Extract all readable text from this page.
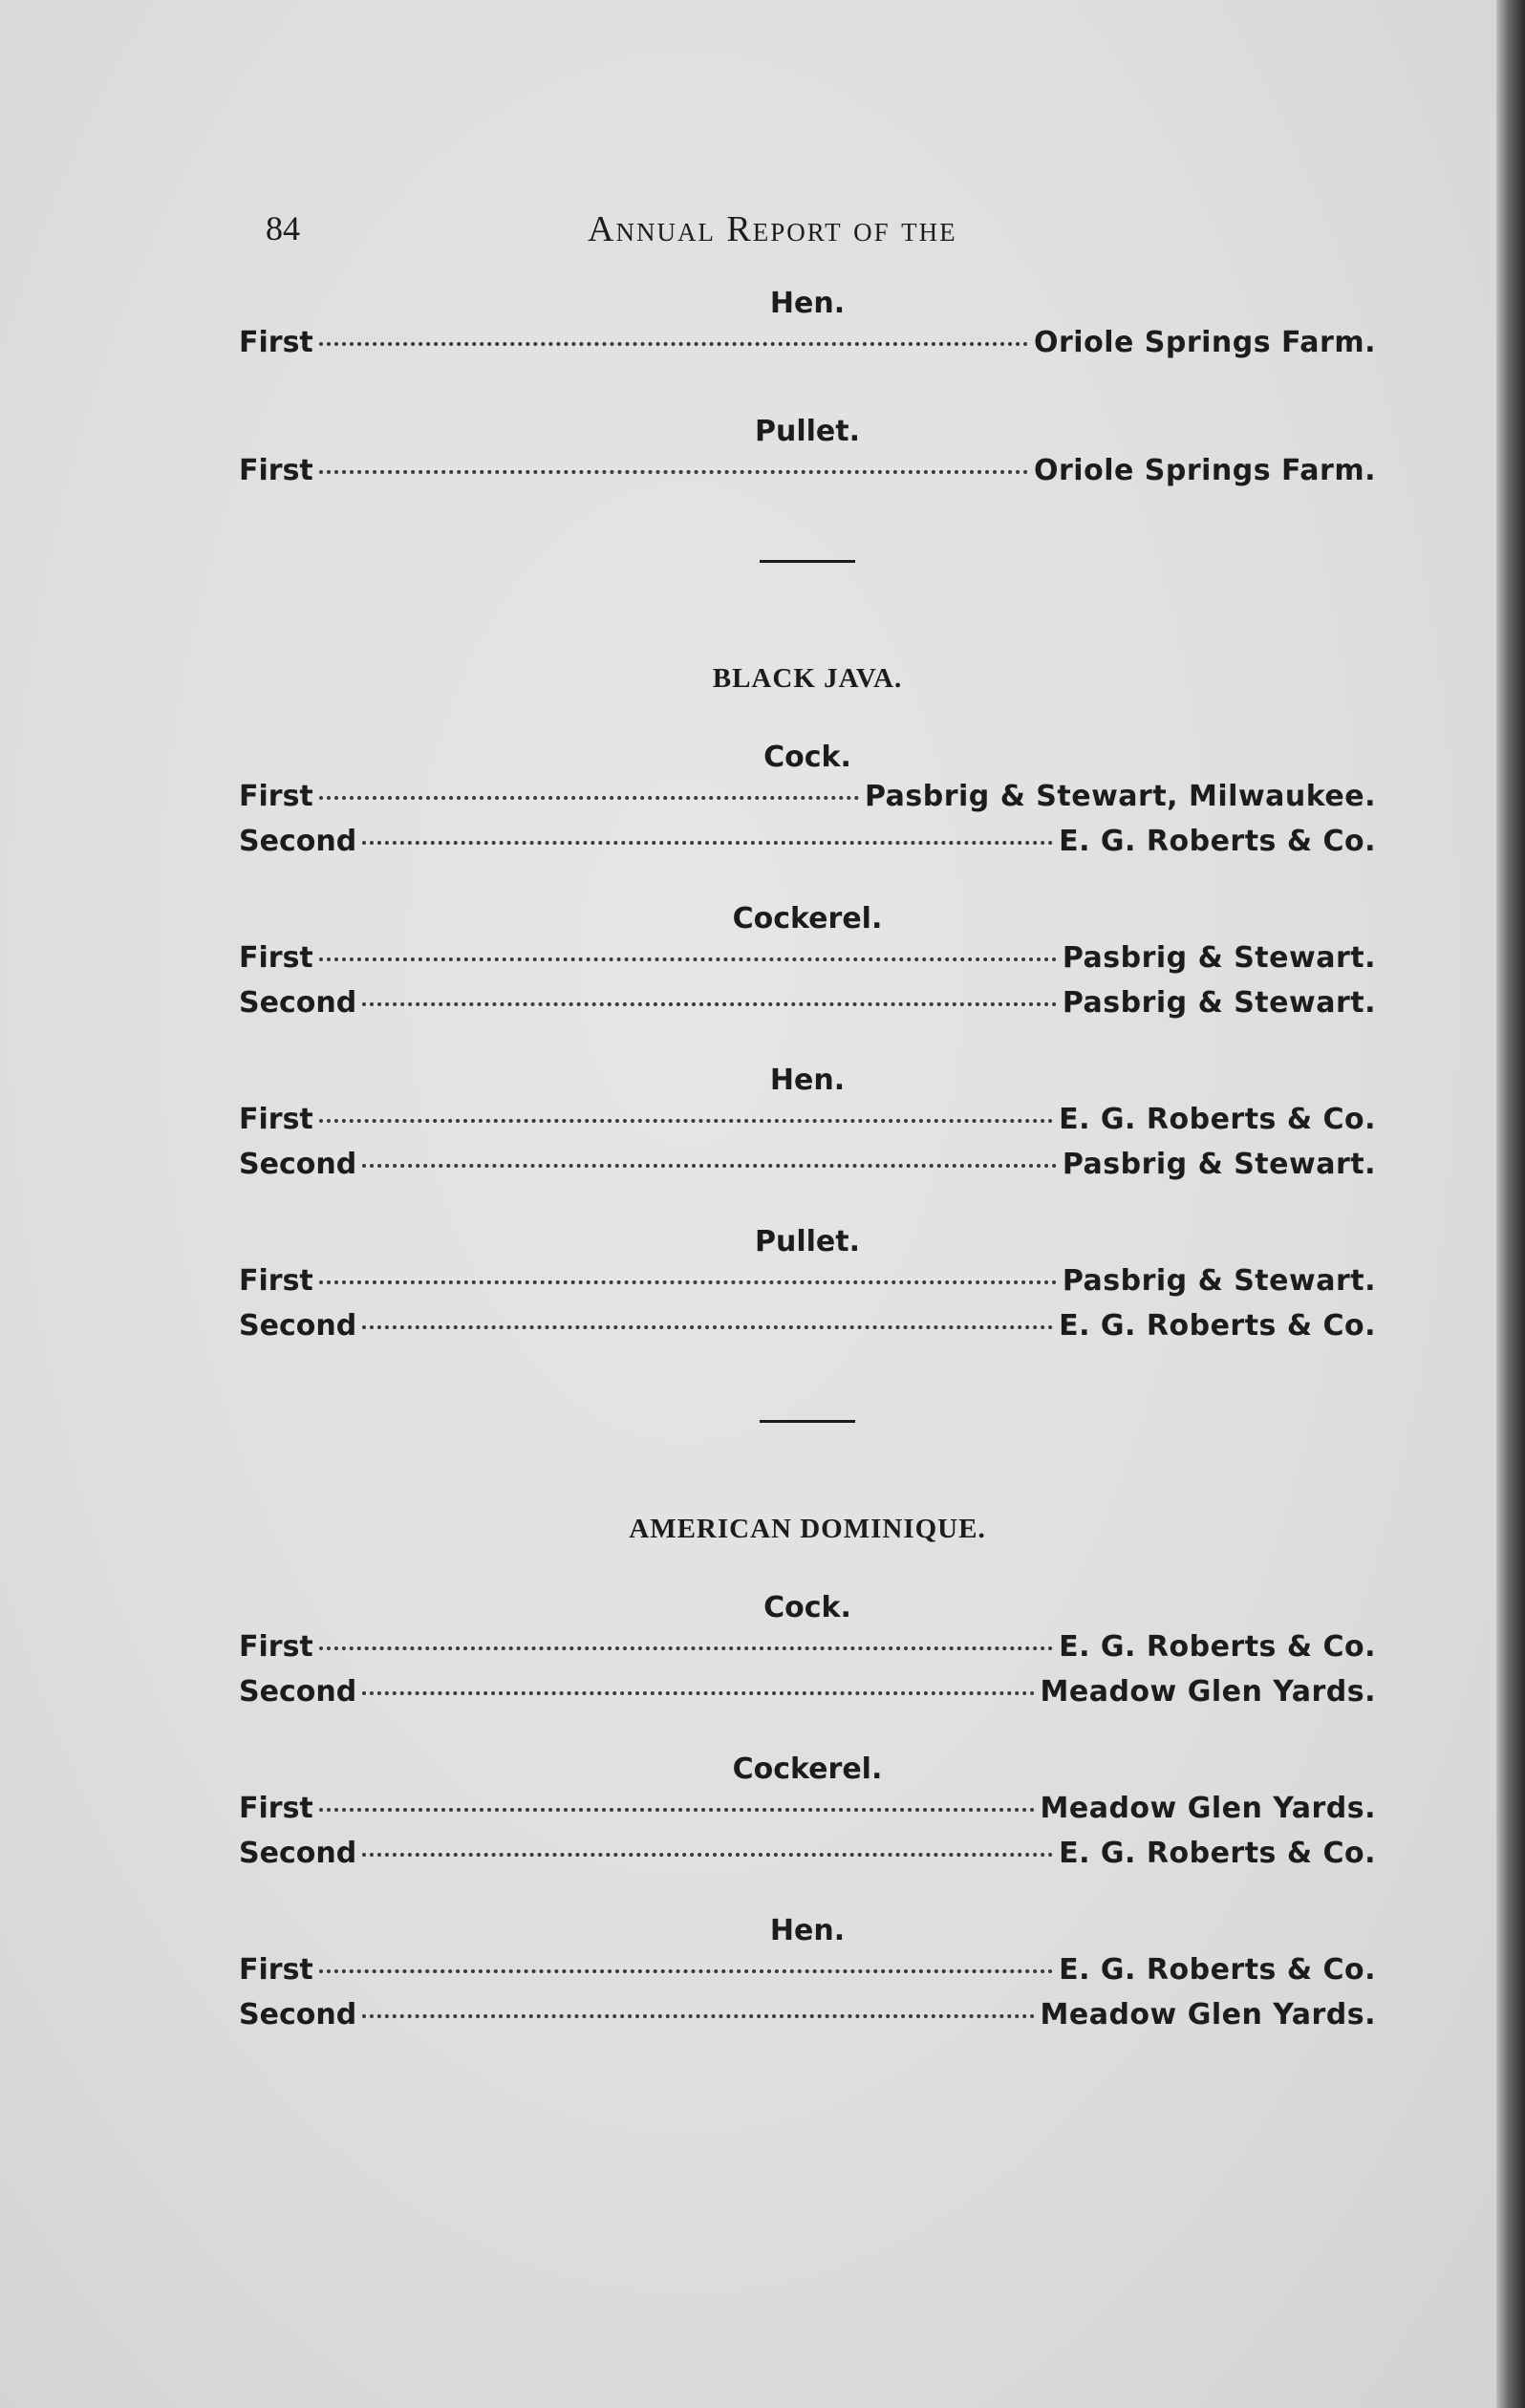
84	Annual Report of the

Hen.

First	Oriole Springs Farm.

Pullet.

First	Oriole Springs Farm.

BLACK JAVA.

Cock.

First	Pasbrig & Stewart, Milwaukee.
Second	E. G. Roberts & Co.

Cockerel.

First	Pasbrig & Stewart.
Second	Pasbrig & Stewart.

Hen.

First	E. G. Roberts & Co.
Second	Pasbrig & Stewart.

Pullet.

First	Pasbrig & Stewart.
Second	E. G. Roberts & Co.

AMERICAN DOMINIQUE.

Cock.

First	E. G. Roberts & Co.
Second	Meadow Glen Yards.

Cockerel.

First	Meadow Glen Yards.
Second	E. G. Roberts & Co.

Hen.

First	E. G. Roberts & Co.
Second	Meadow Glen Yards.
